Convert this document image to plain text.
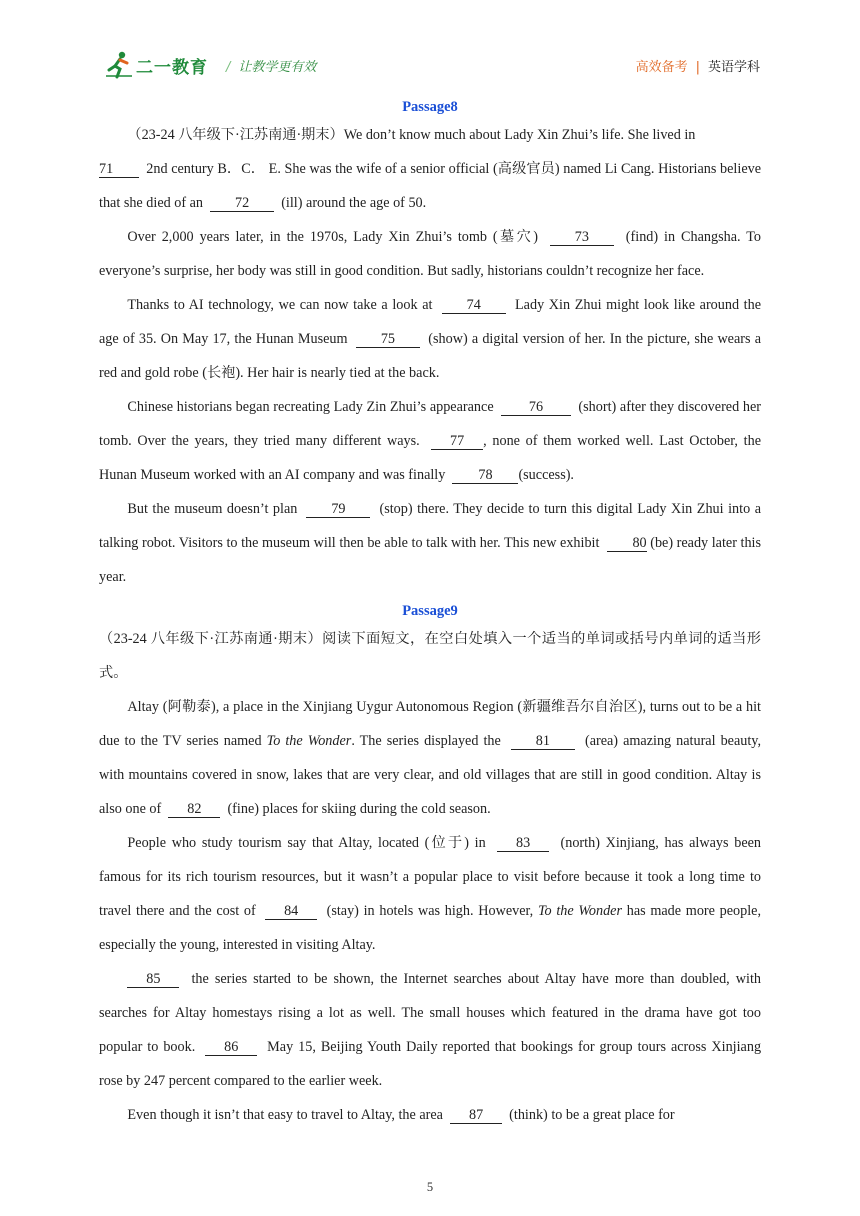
二一教育 / 让教学更有效	高效备考 | 英语学科
Passage8

（23-24 八年级下·江苏南通·期末）We don’t know much about Lady Xin Zhui’s life. She lived in
71 2nd century B．C． E. She was the wife of a senior official (高级官员) named Li Cang. Historians believe that she died of an 72 (ill) around the age of 50.

Over 2,000 years later, in the 1970s, Lady Xin Zhui’s tomb (墓穴)	73	(find) in Changsha. To everyone’s surprise, her body was still in good condition. But sadly, historians couldn’t recognize her face.

Thanks to AI technology, we can now take a look at 74 Lady Xin Zhui might look like around the age of 35. On May 17, the Hunan Museum 75 (show) a digital version of her. In the picture, she wears a red and gold robe (长袍). Her hair is nearly tied at the back.

Chinese historians began recreating Lady Zin Zhui’s appearance 76 (short) after they discovered her tomb. Over the years, they tried many different ways. 77 , none of them worked well. Last October, the Hunan Museum worked with an AI company and was finally 78 (success).

But the museum doesn’t plan 79 (stop) there. They decide to turn this digital Lady Xin Zhui into a talking robot. Visitors to the museum will then be able to talk with her. This new exhibit 80 (be) ready later this year.

Passage9

（23-24 八年级下·江苏南通·期末）阅读下面短文，在空白处填入一个适当的单词或括号内单词的适当形式。

Altay (阿勒泰), a place in the Xinjiang Uygur Autonomous Region (新疆维吾尔自治区), turns out to be a hit due to the TV series named To the Wonder. The series displayed the 81 (area) amazing natural beauty, with mountains covered in snow, lakes that are very clear, and old villages that are still in good condition. Altay is also one of 82 (fine) places for skiing during the cold season.

People who study tourism say that Altay, located (位于) in 83 (north) Xinjiang, has always been famous for its rich tourism resources, but it wasn’t a popular place to visit before because it took a long time to travel there and the cost of 84 (stay) in hotels was high. However, To the Wonder has made more people, especially the young, interested in visiting Altay.

85 the series started to be shown, the Internet searches about Altay have more than doubled, with searches for Altay homestays rising a lot as well. The small houses which featured in the drama have got too popular to book. 86 May 15, Beijing Youth Daily reported that bookings for group tours across Xinjiang rose by 247 percent compared to the earlier week.

Even though it isn’t that easy to travel to Altay, the area 87 (think) to be a great place for

5
